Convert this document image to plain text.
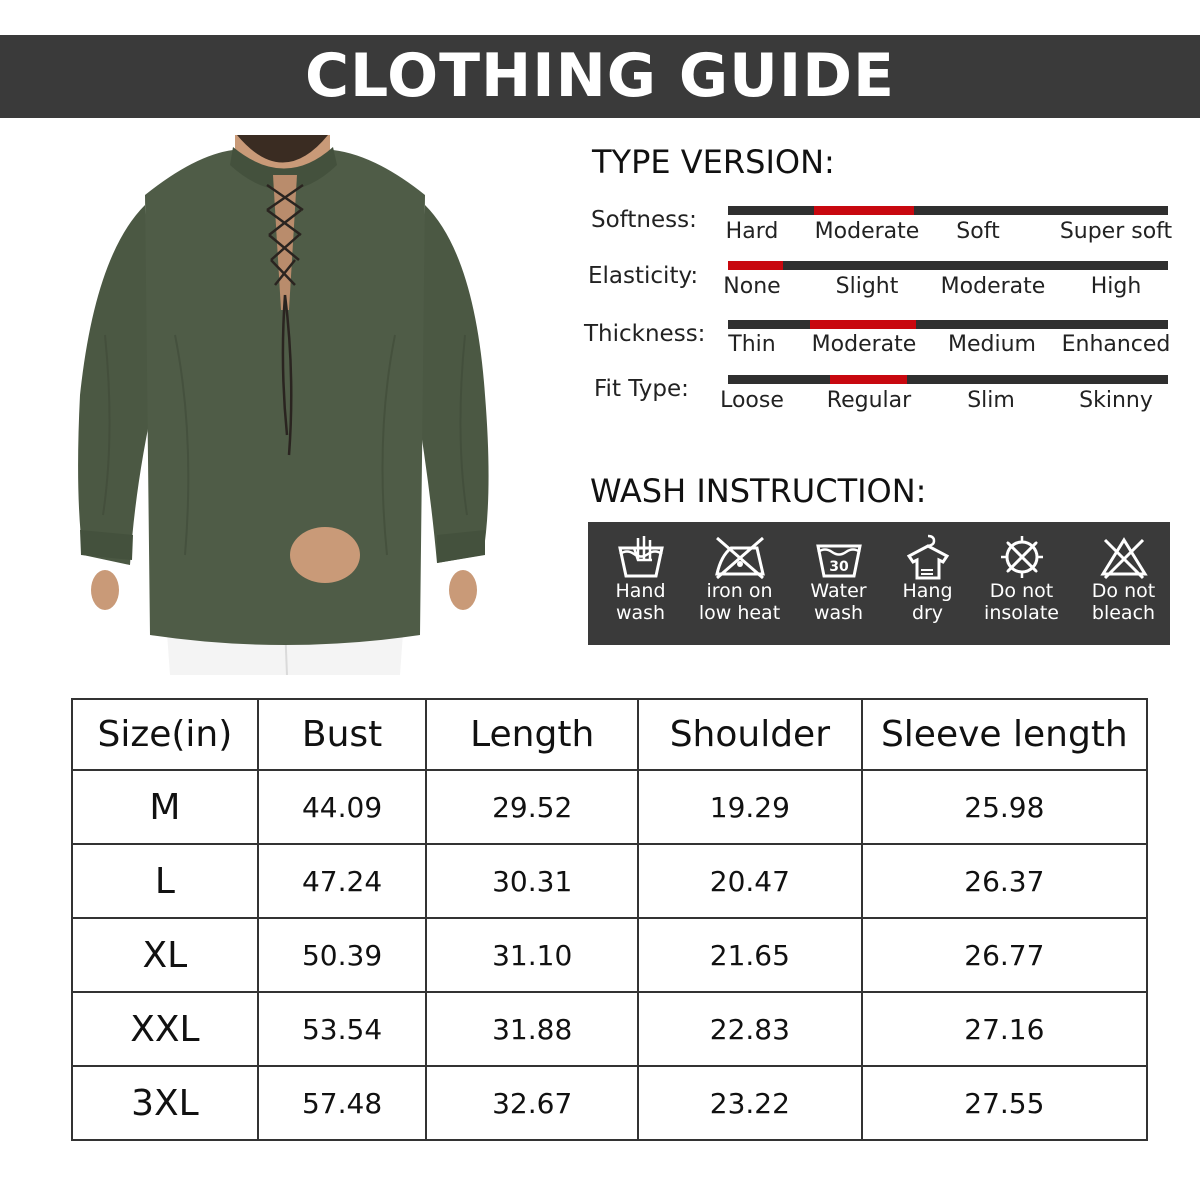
CLOTHING GUIDE
TYPE VERSION:
Softness:	Hard	Moderate	Soft	Super soft
Elasticity:	None	Slight	Moderate	High
Thickness:	Thin	Moderate	Medium	Enhanced
Fit Type:	Loose	Regular	Slim	Skinny
WASH INSTRUCTION:
Hand
wash
iron on
low heat
30
Water
wash
Hang
dry
Do not
insolate
Do not
bleach
Size(in)	Bust	Length	Shoulder	Sleeve length
M	44.09	29.52	19.29	25.98
L	47.24	30.31	20.47	26.37
XL	50.39	31.10	21.65	26.77
XXL	53.54	31.88	22.83	27.16
3XL	57.48	32.67	23.22	27.55
